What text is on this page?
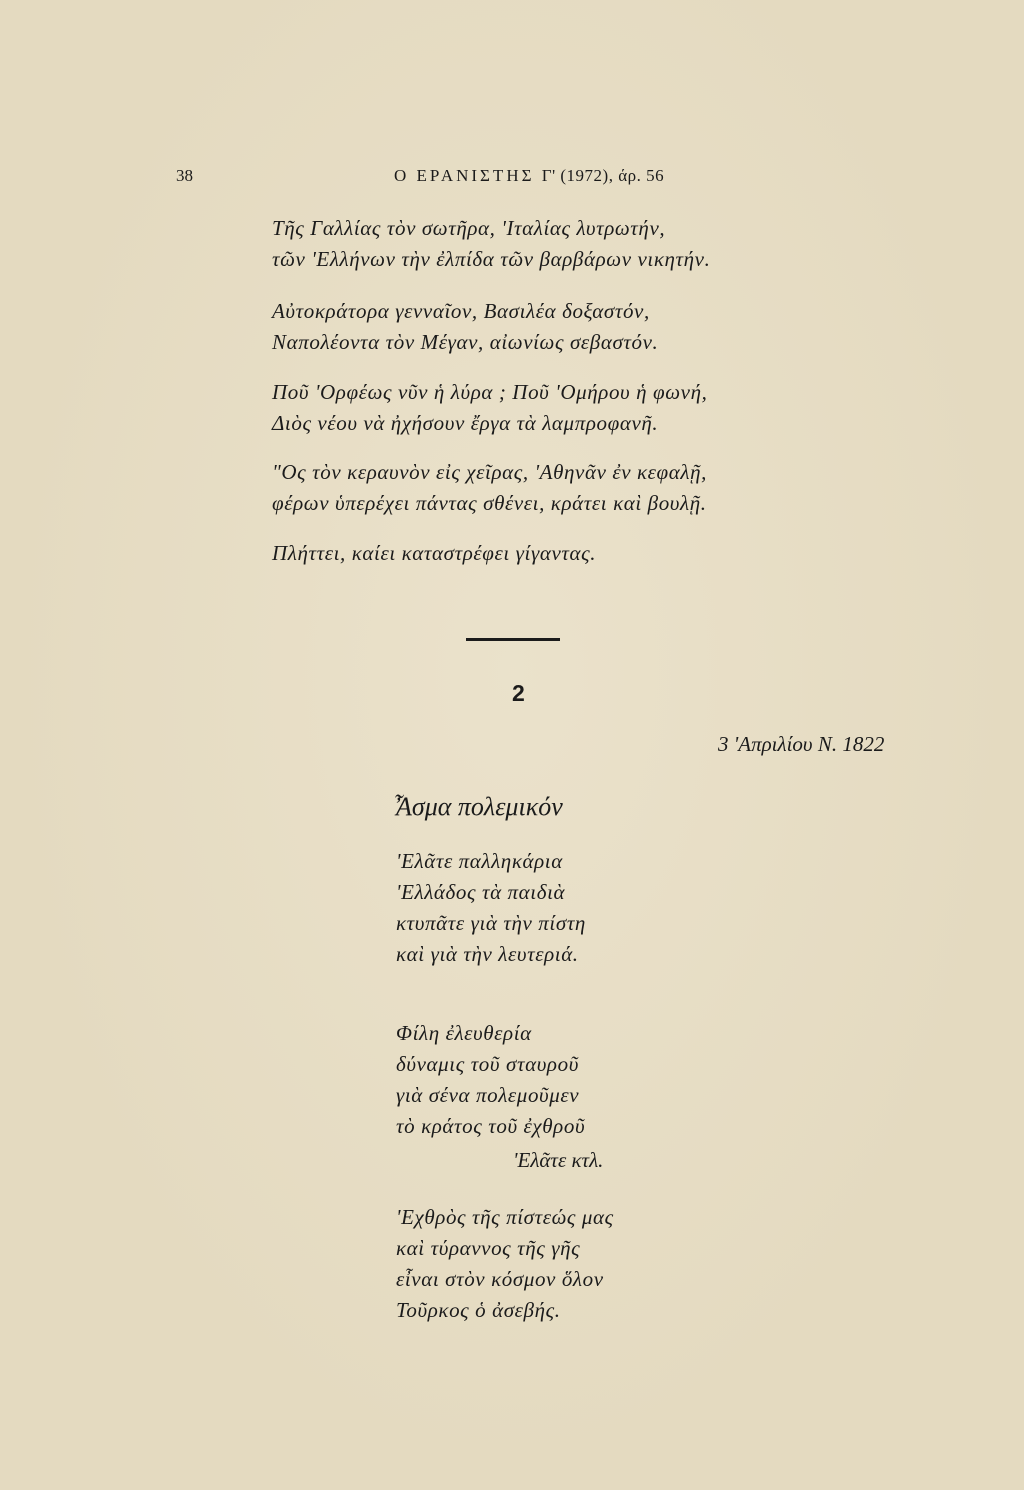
38	Ο ΕΡΑΝΙΣΤΗΣ Γ' (1972), άρ. 56
Τῆς Γαλλίας τὸν σωτῆρα, 'Ιταλίας λυτρωτήν,
τῶν 'Ελλήνων τὴν ἐλπίδα τῶν βαρβάρων νικητήν.
Αὐτοκράτορα γενναῖον, Βασιλέα δοξαστόν,
Ναπολέοντα τὸν Μέγαν, αἰωνίως σεβαστόν.
Ποῦ 'Ορφέως νῦν ἡ λύρα ; Ποῦ 'Ομήρου ἡ φωνή,
Διὸς νέου νὰ ἠχήσουν ἔργα τὰ λαμπροφανῆ.
"Ος τὸν κεραυνὸν εἰς χεῖρας, 'Αθηνᾶν ἐν κεφαλῇ,
φέρων ὑπερέχει πάντας σθένει, κράτει καὶ βουλῇ.
Πλήττει, καίει καταστρέφει γίγαντας.
2
3 'Απριλίου Ν. 1822
Ἆσμα πολεμικόν
'Ελᾶτε παλληκάρια
'Ελλάδος τὰ παιδιὰ
κτυπᾶτε γιὰ τὴν πίστη
καὶ γιὰ τὴν λευτεριά.
Φίλη ἐλευθερία
δύναμις τοῦ σταυροῦ
γιὰ σένα πολεμοῦμεν
τὸ κράτος τοῦ ἐχθροῦ
'Ελᾶτε κτλ.
'Εχθρὸς τῆς πίστεώς μας
καὶ τύραννος τῆς γῆς
εἶναι στὸν κόσμον ὅλον
Τοῦρκος ὁ ἀσεβής.
